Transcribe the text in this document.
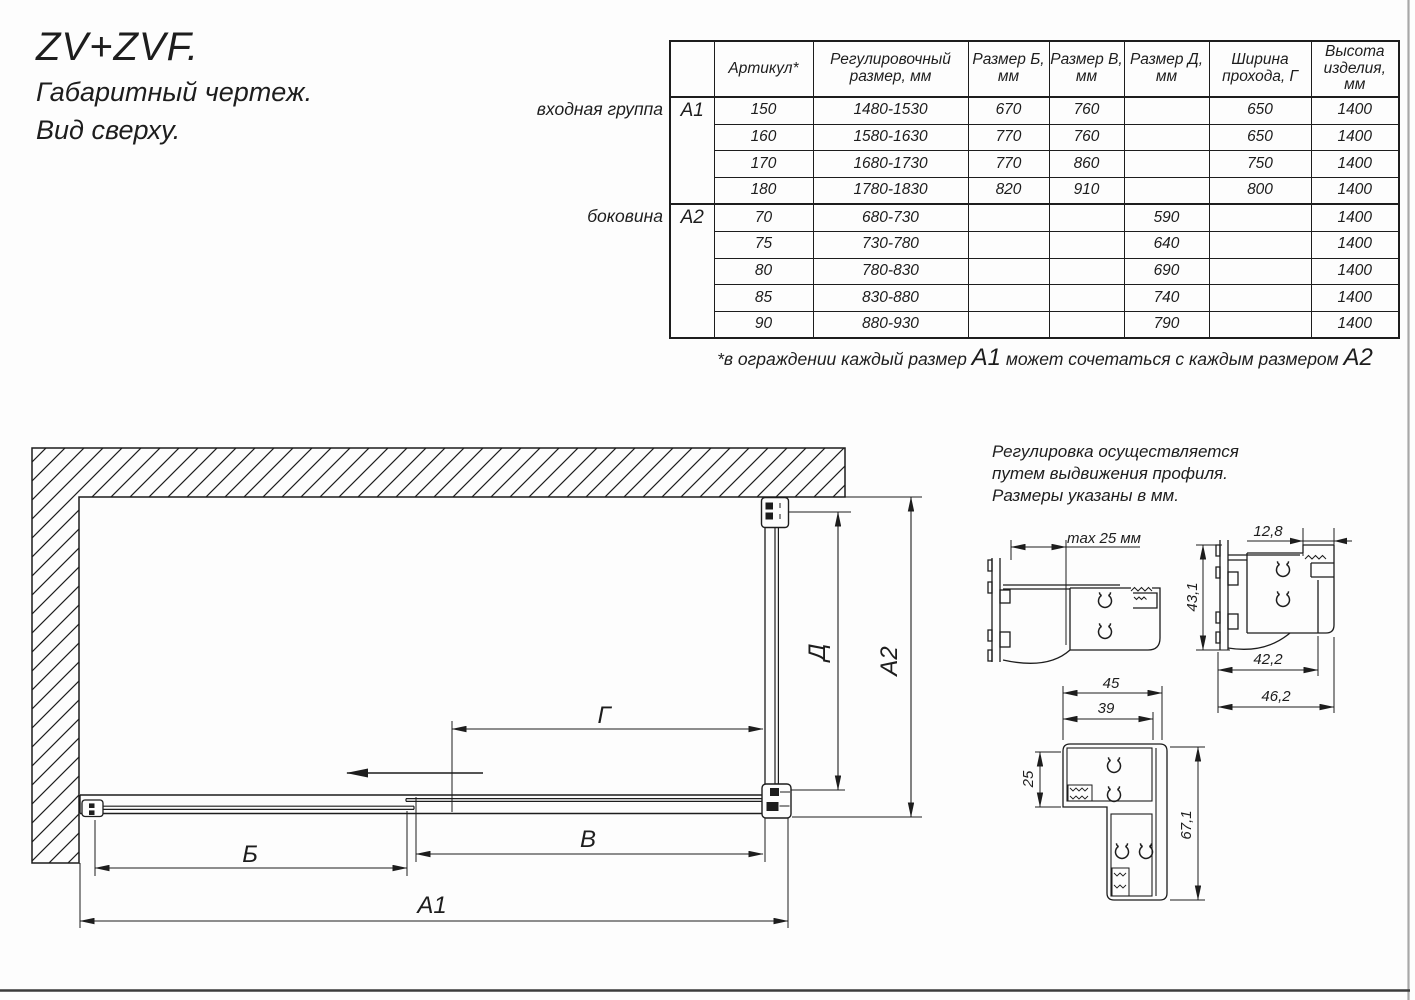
Г
Д А2
Б
В
А1
max 25 мм	12,8
43,1
42,2
46,2
45
39
25
67,1
ZV+ZVF.
Габаритный чертеж.
Вид сверху.
	Артикул*	Регулировочный размер, мм	Размер Б, мм	Размер В, мм	Размер Д, мм	Ширина прохода, Г	Высота изделия, мм
А1	150	1480-1530	670	760		650	1400
	160	1580-1630	770	760		650	1400
	170	1680-1730	770	860		750	1400
	180	1780-1830	820	910		800	1400
А2	70	680-730			590		1400
	75	730-780			640		1400
	80	780-830			690		1400
	85	830-880			740		1400
	90	880-930			790		1400
входная группа
боковина
*в ограждении каждый размер А1 может сочетаться с каждым размером А2
Регулировка осуществляется
путем выдвижения профиля.
Размеры указаны в мм.
